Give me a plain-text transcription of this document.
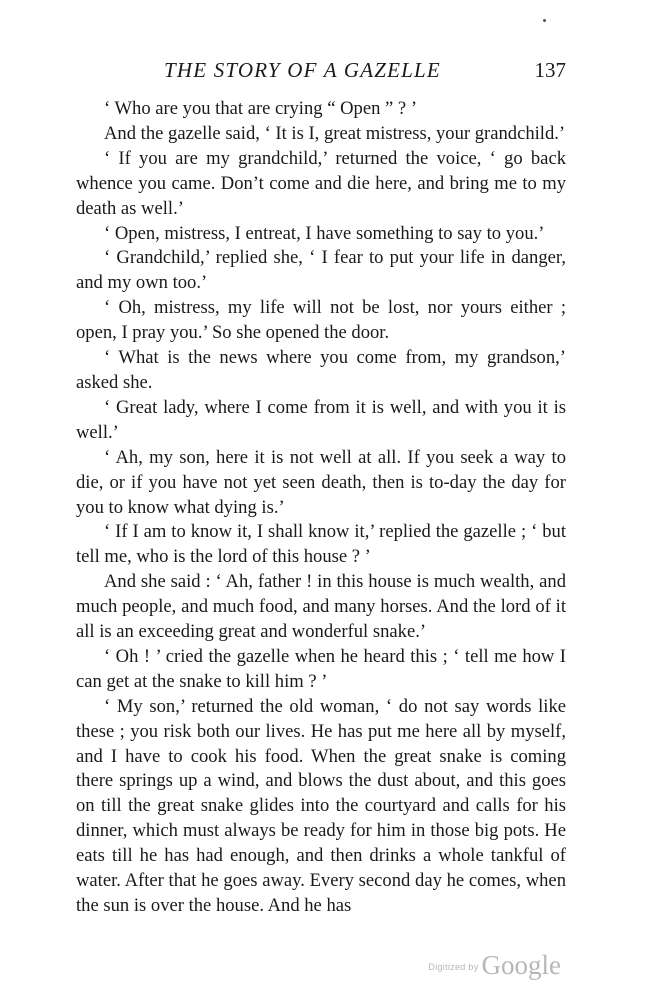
THE STORY OF A GAZELLE	137

‘ Who are you that are crying “ Open ” ? ’

And the gazelle said, ‘ It is I, great mistress, your grandchild.’

‘ If you are my grandchild,’ returned the voice, ‘ go back whence you came. Don’t come and die here, and bring me to my death as well.’

‘ Open, mistress, I entreat, I have something to say to you.’

‘ Grandchild,’ replied she, ‘ I fear to put your life in danger, and my own too.’

‘ Oh, mistress, my life will not be lost, nor yours either ; open, I pray you.’ So she opened the door.

‘ What is the news where you come from, my grandson,’ asked she.

‘ Great lady, where I come from it is well, and with you it is well.’

‘ Ah, my son, here it is not well at all. If you seek a way to die, or if you have not yet seen death, then is to-day the day for you to know what dying is.’

‘ If I am to know it, I shall know it,’ replied the gazelle ; ‘ but tell me, who is the lord of this house ? ’

And she said : ‘ Ah, father ! in this house is much wealth, and much people, and much food, and many horses. And the lord of it all is an exceeding great and wonderful snake.’

‘ Oh ! ’ cried the gazelle when he heard this ; ‘ tell me how I can get at the snake to kill him ? ’

‘ My son,’ returned the old woman, ‘ do not say words like these ; you risk both our lives. He has put me here all by myself, and I have to cook his food. When the great snake is coming there springs up a wind, and blows the dust about, and this goes on till the great snake glides into the courtyard and calls for his dinner, which must always be ready for him in those big pots. He eats till he has had enough, and then drinks a whole tankful of water. After that he goes away. Every second day he comes, when the sun is over the house. And he has

$^{Digitized by}$ Google
